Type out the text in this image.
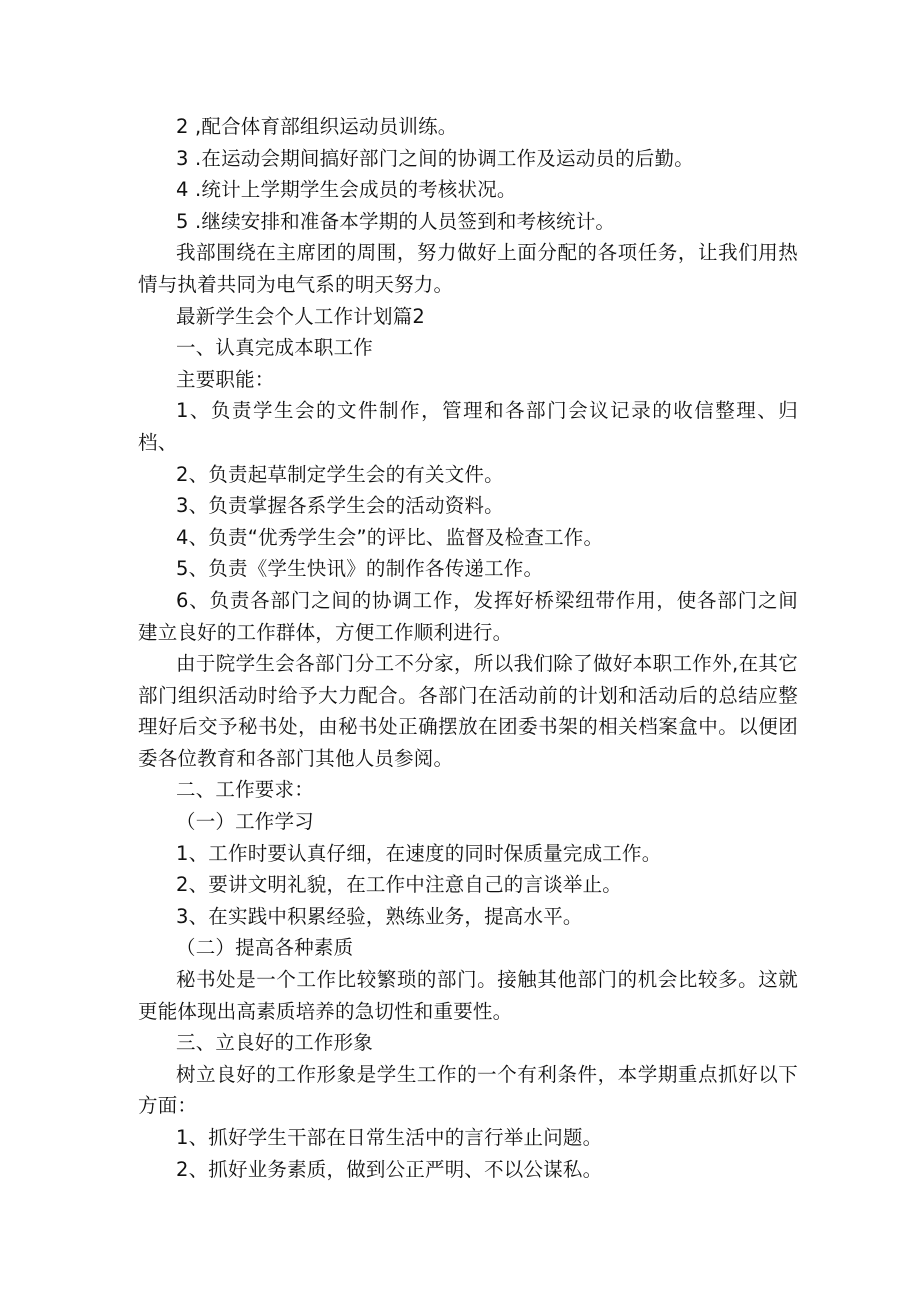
2 ,配合体育部组织运动员训练。

3 .在运动会期间搞好部门之间的协调工作及运动员的后勤。

4 .统计上学期学生会成员的考核状况。

5 .继续安排和准备本学期的人员签到和考核统计。

我部围绕在主席团的周围，努力做好上面分配的各项任务，让我们用热情与执着共同为电气系的明天努力。

最新学生会个人工作计划篇2

一、认真完成本职工作

主要职能：

1、负责学生会的文件制作，管理和各部门会议记录的收信整理、归档、

2、负责起草制定学生会的有关文件。

3、负责掌握各系学生会的活动资料。

4、负责“优秀学生会”的评比、监督及检查工作。

5、负责《学生快讯》的制作各传递工作。

6、负责各部门之间的协调工作，发挥好桥梁纽带作用，使各部门之间建立良好的工作群体，方便工作顺利进行。

由于院学生会各部门分工不分家，所以我们除了做好本职工作外,在其它部门组织活动时给予大力配合。各部门在活动前的计划和活动后的总结应整理好后交予秘书处，由秘书处正确摆放在团委书架的相关档案盒中。以便团委各位教育和各部门其他人员参阅。

二、工作要求：

（一）工作学习

1、工作时要认真仔细，在速度的同时保质量完成工作。

2、要讲文明礼貌，在工作中注意自己的言谈举止。

3、在实践中积累经验，熟练业务，提高水平。

（二）提高各种素质

秘书处是一个工作比较繁琐的部门。接触其他部门的机会比较多。这就更能体现出高素质培养的急切性和重要性。

三、立良好的工作形象

树立良好的工作形象是学生工作的一个有利条件，本学期重点抓好以下方面：

1、抓好学生干部在日常生活中的言行举止问题。

2、抓好业务素质，做到公正严明、不以公谋私。
